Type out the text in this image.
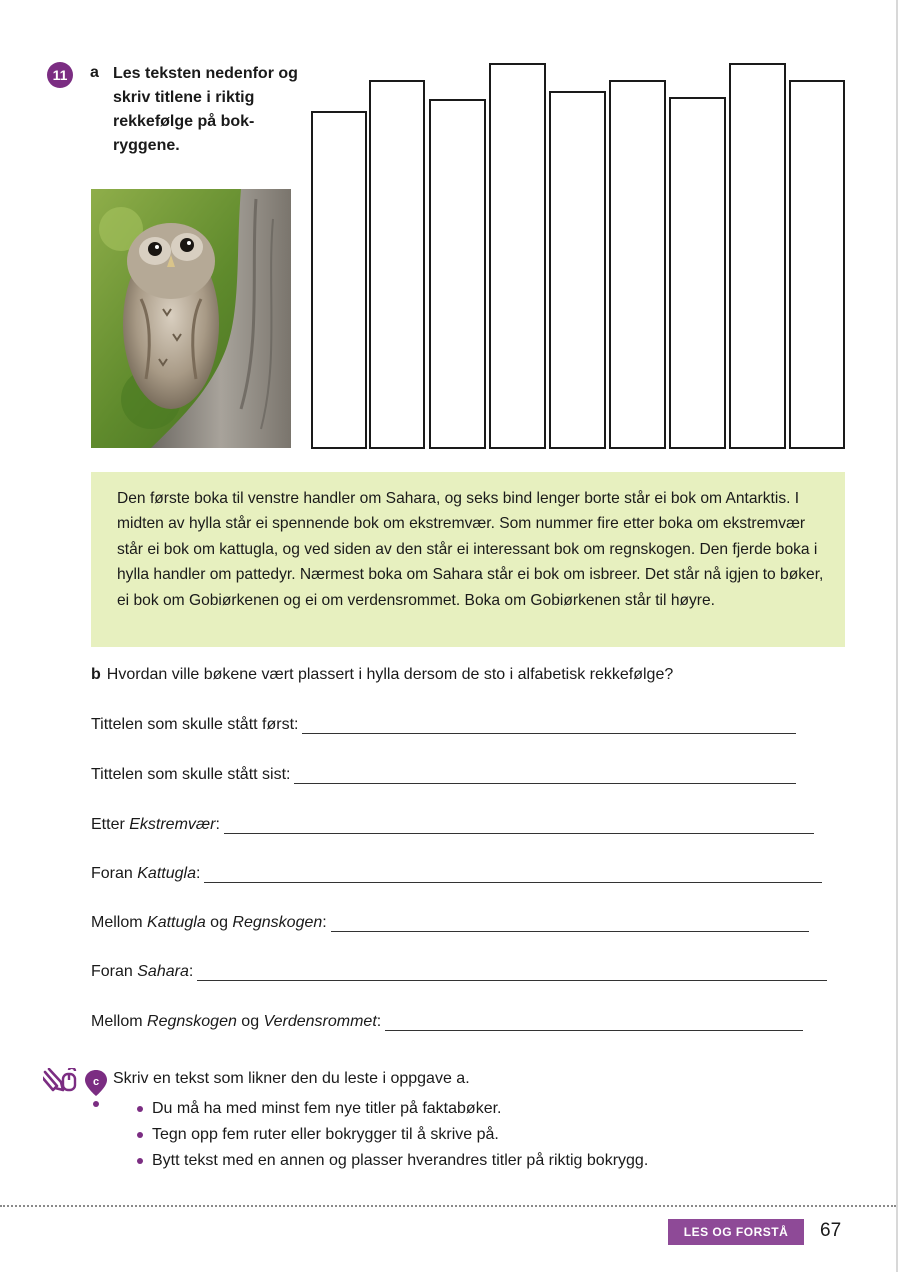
11	a Les teksten nedenfor og skriv titlene i riktig rekkefølge på bok-ryggene.
Den første boka til venstre handler om Sahara, og seks bind lenger borte står ei bok om Antarktis. I midten av hylla står ei spennende bok om ekstremvær. Som nummer fire etter boka om ekstremvær står ei bok om kattugla, og ved siden av den står ei interessant bok om regnskogen. Den fjerde boka i hylla handler om pattedyr. Nærmest boka om Sahara står ei bok om isbreer. Det står nå igjen to bøker, ei bok om Gobiørkenen og ei om verdensrommet. Boka om Gobiørkenen står til høyre.
b Hvordan ville bøkene vært plassert i hylla dersom de sto i alfabetisk rekkefølge?
Tittelen som skulle stått først:
Tittelen som skulle stått sist:
Etter Ekstremvær:
Foran Kattugla:
Mellom Kattugla og Regnskogen:
Foran Sahara:
Mellom Regnskogen og Verdensrommet:
c Skriv en tekst som likner den du leste i oppgave a.
Du må ha med minst fem nye titler på faktabøker.
Tegn opp fem ruter eller bokrygger til å skrive på.
Bytt tekst med en annen og plasser hverandres titler på riktig bokrygg.
LES OG FORSTÅ	67
